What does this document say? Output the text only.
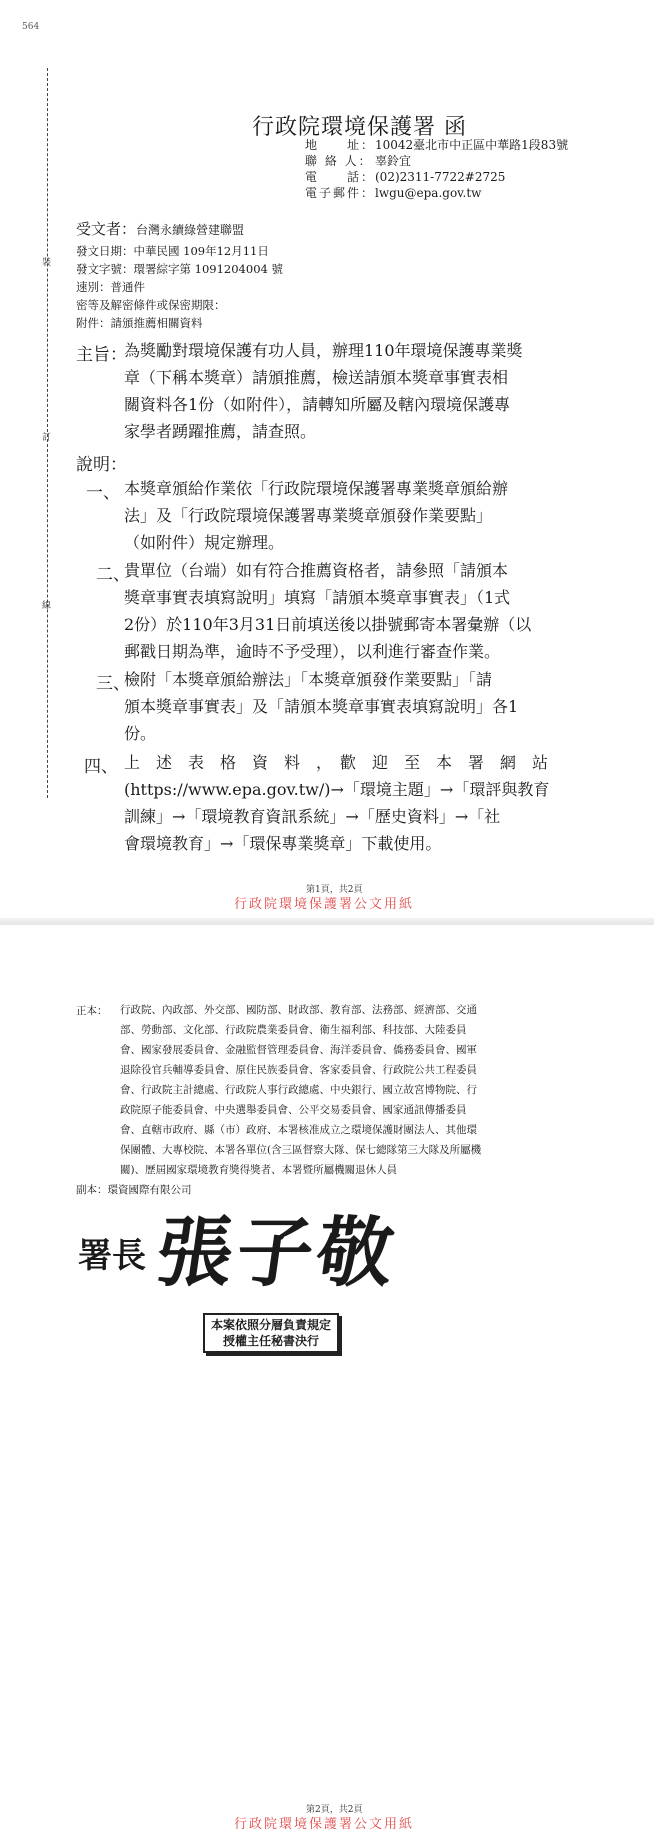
564
裝
訂
線
行政院環境保護署 函
地　　址：10042臺北市中正區中華路1段83號
聯 絡 人： 辜鈴宜
電　　話：(02)2311-7722#2725
電子郵件：lwgu@epa.gov.tw
受文者：台灣永續綠營建聯盟
發文日期：中華民國 109年12月11日
發文字號：環署綜字第 1091204004 號
速別：普通件
密等及解密條件或保密期限：
附件：請頒推薦相關資料
主旨：
為獎勵對環境保護有功人員，辦理110年環境保護專業獎
章（下稱本獎章）請頒推薦，檢送請頒本獎章事實表相
關資料各1份（如附件），請轉知所屬及轄內環境保護專
家學者踴躍推薦，請查照。
說明：
一、 本獎章頒給作業依「行政院環境保護署專業獎章頒給辦
法」及「行政院環境保護署專業獎章頒發作業要點」
（如附件）規定辦理。
二、
貴單位（台端）如有符合推薦資格者，請參照「請頒本
獎章事實表填寫說明」填寫「請頒本獎章事實表」（1式
2份）於110年3月31日前填送後以掛號郵寄本署彙辦（以
郵戳日期為準，逾時不予受理），以利進行審查作業。
三、
檢附「本獎章頒給辦法」「本獎章頒發作業要點」「請
頒本獎章事實表」及「請頒本獎章事實表填寫說明」各1
份。
四、 上　述　表　格　資　料　，　歡　迎　至　本　署　網　站
(https://www.epa.gov.tw/)→「環境主題」→「環評與教育
訓練」→「環境教育資訊系統」→「歷史資料」→「社
會環境教育」→「環保專業獎章」下載使用。
第1頁，共2頁
行政院環境保護署公文用紙
正本： 行政院、內政部、外交部、國防部、財政部、教育部、法務部、經濟部、交通
部、勞動部、文化部、行政院農業委員會、衛生福利部、科技部、大陸委員
會、國家發展委員會、金融監督管理委員會、海洋委員會、僑務委員會、國軍
退除役官兵輔導委員會、原住民族委員會、客家委員會、行政院公共工程委員
會、行政院主計總處、行政院人事行政總處、中央銀行、國立故宮博物院、行
政院原子能委員會、中央選舉委員會、公平交易委員會、國家通訊傳播委員
會、直轄市政府、縣（市）政府、本署核准成立之環境保護財團法人、其他環
保團體、大專校院、本署各單位(含三區督察大隊、保七總隊第三大隊及所屬機
關)、歷屆國家環境教育獎得獎者、本署暨所屬機關退休人員
副本：環資國際有限公司
署長 張子敬
本案依照分層負責規定
授權主任秘書決行
第2頁，共2頁
行政院環境保護署公文用紙
